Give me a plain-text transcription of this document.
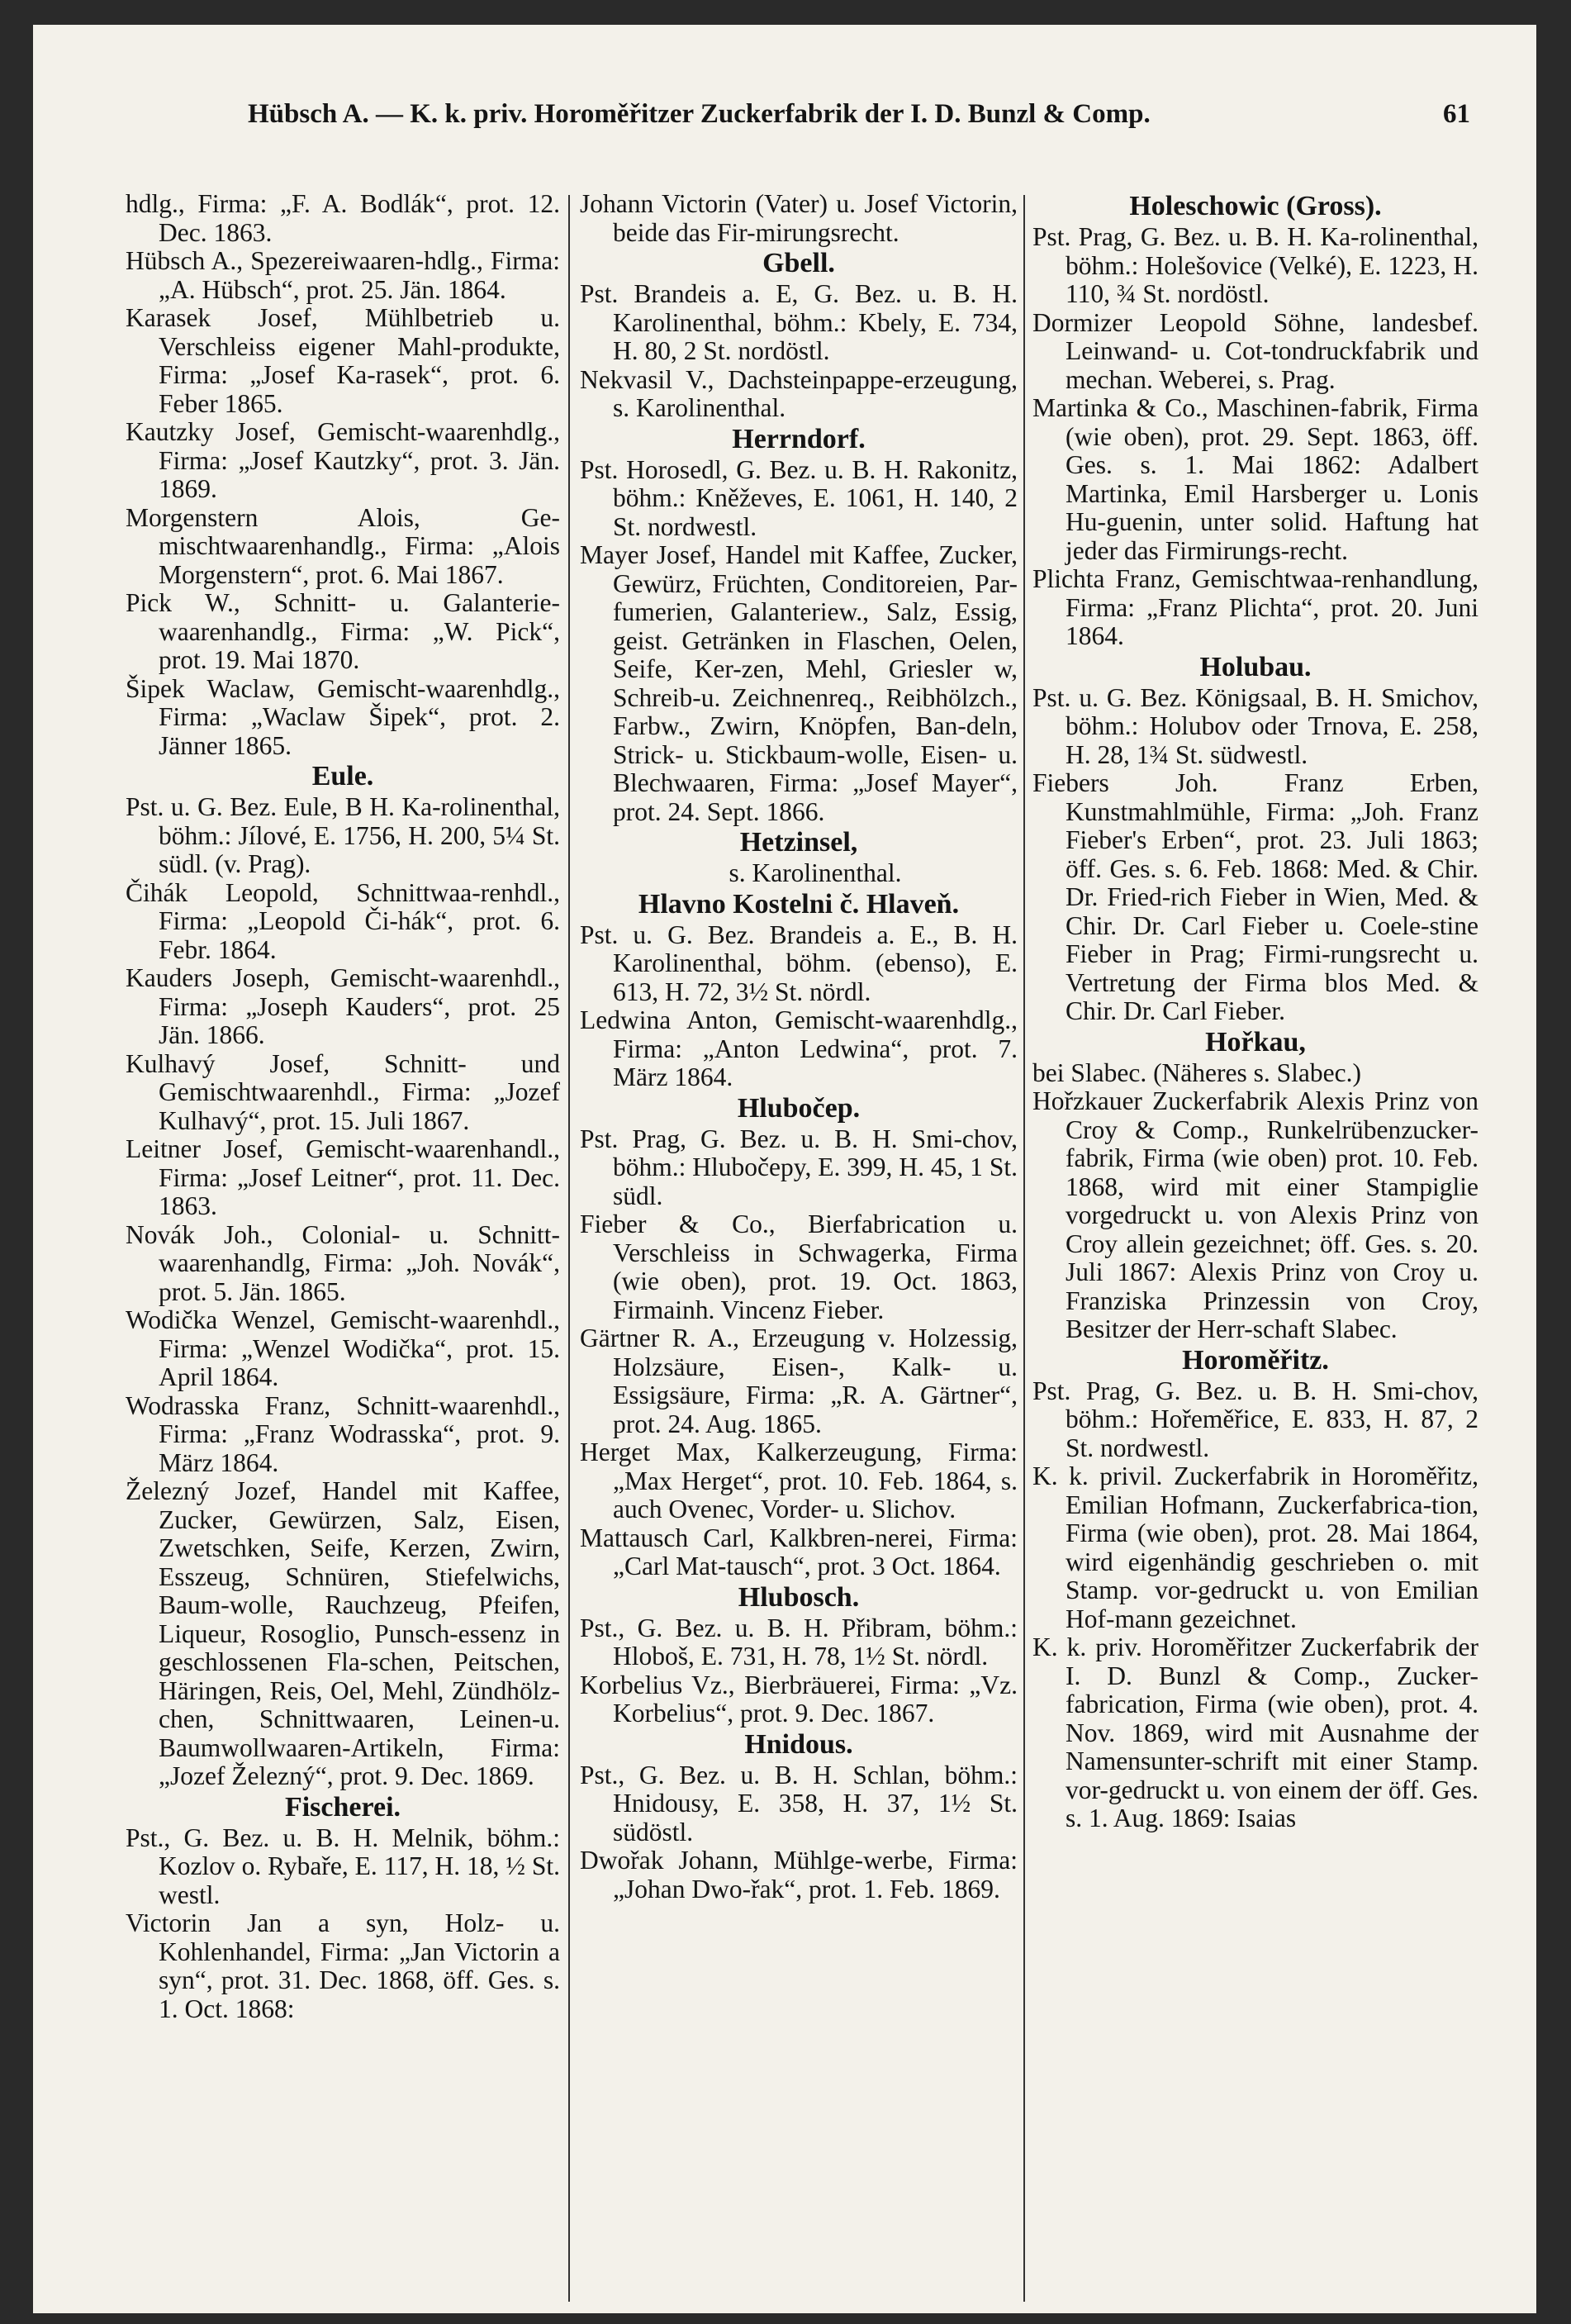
Hübsch A. — K. k. priv. Horoměřitzer Zuckerfabrik der I. D. Bunzl & Comp.	61

hdlg., Firma: „F. A. Bodlák“, prot. 12. Dec. 1863.

Hübsch A., Spezereiwaaren-hdlg., Firma: „A. Hübsch“, prot. 25. Jän. 1864.

Karasek Josef, Mühlbetrieb u. Verschleiss eigener Mahl-produkte, Firma: „Josef Ka-rasek“, prot. 6. Feber 1865.

Kautzky Josef, Gemischt-waarenhdlg., Firma: „Josef Kautzky“, prot. 3. Jän. 1869.

Morgenstern Alois, Ge-mischtwaarenhandlg., Firma: „Alois Morgenstern“, prot. 6. Mai 1867.

Pick W., Schnitt- u. Galanterie-waarenhandlg., Firma: „W. Pick“, prot. 19. Mai 1870.

Šipek Waclaw, Gemischt-waarenhdlg., Firma: „Waclaw Šipek“, prot. 2. Jänner 1865.

Eule.

Pst. u. G. Bez. Eule, B H. Ka-rolinenthal, böhm.: Jílové, E. 1756, H. 200, 5¼ St. südl. (v. Prag).

Čihák Leopold, Schnittwaa-renhdl., Firma: „Leopold Či-hák“, prot. 6. Febr. 1864.

Kauders Joseph, Gemischt-waarenhdl., Firma: „Joseph Kauders“, prot. 25 Jän. 1866.

Kulhavý Josef, Schnitt- und Gemischtwaarenhdl., Firma: „Jozef Kulhavý“, prot. 15. Juli 1867.

Leitner Josef, Gemischt-waarenhandl., Firma: „Josef Leitner“, prot. 11. Dec. 1863.

Novák Joh., Colonial- u. Schnitt-waarenhandlg, Firma: „Joh. Novák“, prot. 5. Jän. 1865.

Wodička Wenzel, Gemischt-waarenhdl., Firma: „Wenzel Wodička“, prot. 15. April 1864.

Wodrasska Franz, Schnitt-waarenhdl., Firma: „Franz Wodrasska“, prot. 9. März 1864.

Železný Jozef, Handel mit Kaffee, Zucker, Gewürzen, Salz, Eisen, Zwetschken, Seife, Kerzen, Zwirn, Esszeug, Schnüren, Stiefelwichs, Baum-wolle, Rauchzeug, Pfeifen, Liqueur, Rosoglio, Punsch-essenz in geschlossenen Fla-schen, Peitschen, Häringen, Reis, Oel, Mehl, Zündhölz-chen, Schnittwaaren, Leinen-u. Baumwollwaaren-Artikeln, Firma: „Jozef Železný“, prot. 9. Dec. 1869.

Fischerei.

Pst., G. Bez. u. B. H. Melnik, böhm.: Kozlov o. Rybaře, E. 117, H. 18, ½ St. westl.

Victorin Jan a syn, Holz- u. Kohlenhandel, Firma: „Jan Victorin a syn“, prot. 31. Dec. 1868, öff. Ges. s. 1. Oct. 1868:

Johann Victorin (Vater) u. Josef Victorin, beide das Fir-mirungsrecht.

Gbell.

Pst. Brandeis a. E, G. Bez. u. B. H. Karolinenthal, böhm.: Kbely, E. 734, H. 80, 2 St. nordöstl.

Nekvasil V., Dachsteinpappe-erzeugung, s. Karolinenthal.

Herrndorf.

Pst. Horosedl, G. Bez. u. B. H. Rakonitz, böhm.: Kněževes, E. 1061, H. 140, 2 St. nordwestl.

Mayer Josef, Handel mit Kaffee, Zucker, Gewürz, Früchten, Conditoreien, Par-fumerien, Galanteriew., Salz, Essig, geist. Getränken in Flaschen, Oelen, Seife, Ker-zen, Mehl, Griesler w, Schreib-u. Zeichnenreq., Reibhölzch., Farbw., Zwirn, Knöpfen, Ban-deln, Strick- u. Stickbaum-wolle, Eisen- u. Blechwaaren, Firma: „Josef Mayer“, prot. 24. Sept. 1866.

Hetzinsel,

s. Karolinenthal.

Hlavno Kostelni č. Hlaveň.

Pst. u. G. Bez. Brandeis a. E., B. H. Karolinenthal, böhm. (ebenso), E. 613, H. 72, 3½ St. nördl.

Ledwina Anton, Gemischt-waarenhdlg., Firma: „Anton Ledwina“, prot. 7. März 1864.

Hlubočep.

Pst. Prag, G. Bez. u. B. H. Smi-chov, böhm.: Hlubočepy, E. 399, H. 45, 1 St. südl.

Fieber & Co., Bierfabrication u. Verschleiss in Schwagerka, Firma (wie oben), prot. 19. Oct. 1863, Firmainh. Vincenz Fieber.

Gärtner R. A., Erzeugung v. Holzessig, Holzsäure, Eisen-, Kalk- u. Essigsäure, Firma: „R. A. Gärtner“, prot. 24. Aug. 1865.

Herget Max, Kalkerzeugung, Firma: „Max Herget“, prot. 10. Feb. 1864, s. auch Ovenec, Vorder- u. Slichov.

Mattausch Carl, Kalkbren-nerei, Firma: „Carl Mat-tausch“, prot. 3 Oct. 1864.

Hlubosch.

Pst., G. Bez. u. B. H. Přibram, böhm.: Hloboš, E. 731, H. 78, 1½ St. nördl.

Korbelius Vz., Bierbräuerei, Firma: „Vz. Korbelius“, prot. 9. Dec. 1867.

Hnidous.

Pst., G. Bez. u. B. H. Schlan, böhm.: Hnidousy, E. 358, H. 37, 1½ St. südöstl.

Dwořak Johann, Mühlge-werbe, Firma: „Johan Dwo-řak“, prot. 1. Feb. 1869.

Holeschowic (Gross).

Pst. Prag, G. Bez. u. B. H. Ka-rolinenthal, böhm.: Holešovice (Velké), E. 1223, H. 110, ¾ St. nordöstl.

Dormizer Leopold Söhne, landesbef. Leinwand- u. Cot-tondruckfabrik und mechan. Weberei, s. Prag.

Martinka & Co., Maschinen-fabrik, Firma (wie oben), prot. 29. Sept. 1863, öff. Ges. s. 1. Mai 1862: Adalbert Martinka, Emil Harsberger u. Lonis Hu-guenin, unter solid. Haftung hat jeder das Firmirungs-recht.

Plichta Franz, Gemischtwaa-renhandlung, Firma: „Franz Plichta“, prot. 20. Juni 1864.

Holubau.

Pst. u. G. Bez. Königsaal, B. H. Smichov, böhm.: Holubov oder Trnova, E. 258, H. 28, 1¾ St. südwestl.

Fiebers Joh. Franz Erben, Kunstmahlmühle, Firma: „Joh. Franz Fieber's Erben“, prot. 23. Juli 1863; öff. Ges. s. 6. Feb. 1868: Med. & Chir. Dr. Fried-rich Fieber in Wien, Med. & Chir. Dr. Carl Fieber u. Coele-stine Fieber in Prag; Firmi-rungsrecht u. Vertretung der Firma blos Med. & Chir. Dr. Carl Fieber.

Hořkau,

bei Slabec. (Näheres s. Slabec.)

Hořzkauer Zuckerfabrik Alexis Prinz von Croy & Comp., Runkelrübenzucker-fabrik, Firma (wie oben) prot. 10. Feb. 1868, wird mit einer Stampiglie vorgedruckt u. von Alexis Prinz von Croy allein gezeichnet; öff. Ges. s. 20. Juli 1867: Alexis Prinz von Croy u. Franziska Prinzessin von Croy, Besitzer der Herr-schaft Slabec.

Horoměřitz.

Pst. Prag, G. Bez. u. B. H. Smi-chov, böhm.: Hořeměřice, E. 833, H. 87, 2 St. nordwestl.

K. k. privil. Zuckerfabrik in Horoměřitz, Emilian Hofmann, Zuckerfabrica-tion, Firma (wie oben), prot. 28. Mai 1864, wird eigenhändig geschrieben o. mit Stamp. vor-gedruckt u. von Emilian Hof-mann gezeichnet.

K. k. priv. Horoměřitzer Zuckerfabrik der I. D. Bunzl & Comp., Zucker-fabrication, Firma (wie oben), prot. 4. Nov. 1869, wird mit Ausnahme der Namensunter-schrift mit einer Stamp. vor-gedruckt u. von einem der öff. Ges. s. 1. Aug. 1869: Isaias
